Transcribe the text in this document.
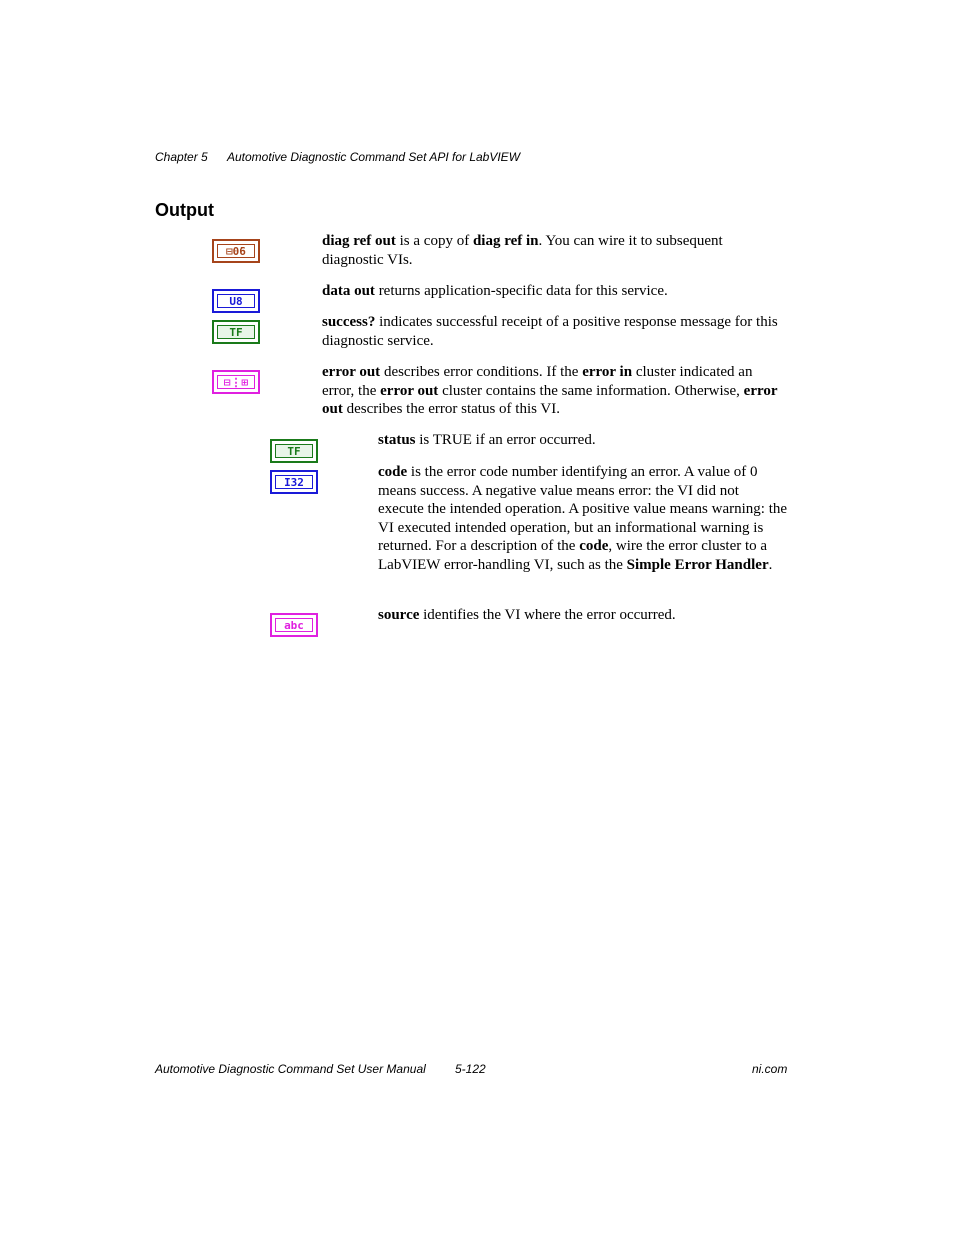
Chapter 5 Automotive Diagnostic Command Set API for LabVIEW
Output
⊟0̄6
diag ref out is a copy of diag ref in. You can wire it to subsequent diagnostic VIs.
U8
data out returns application-specific data for this service.
TF
success? indicates successful receipt of a positive response message for this diagnostic service.
⊟⋮⊞
error out describes error conditions. If the error in cluster indicated an error, the error out cluster contains the same information. Otherwise, error out describes the error status of this VI.
TF
status is TRUE if an error occurred.
I32
code is the error code number identifying an error. A value of 0 means success. A negative value means error: the VI did not execute the intended operation. A positive value means warning: the VI executed intended operation, but an informational warning is returned. For a description of the code, wire the error cluster to a LabVIEW error-handling VI, such as the Simple Error Handler.
abc
source identifies the VI where the error occurred.
Automotive Diagnostic Command Set User Manual 5-122	ni.com
